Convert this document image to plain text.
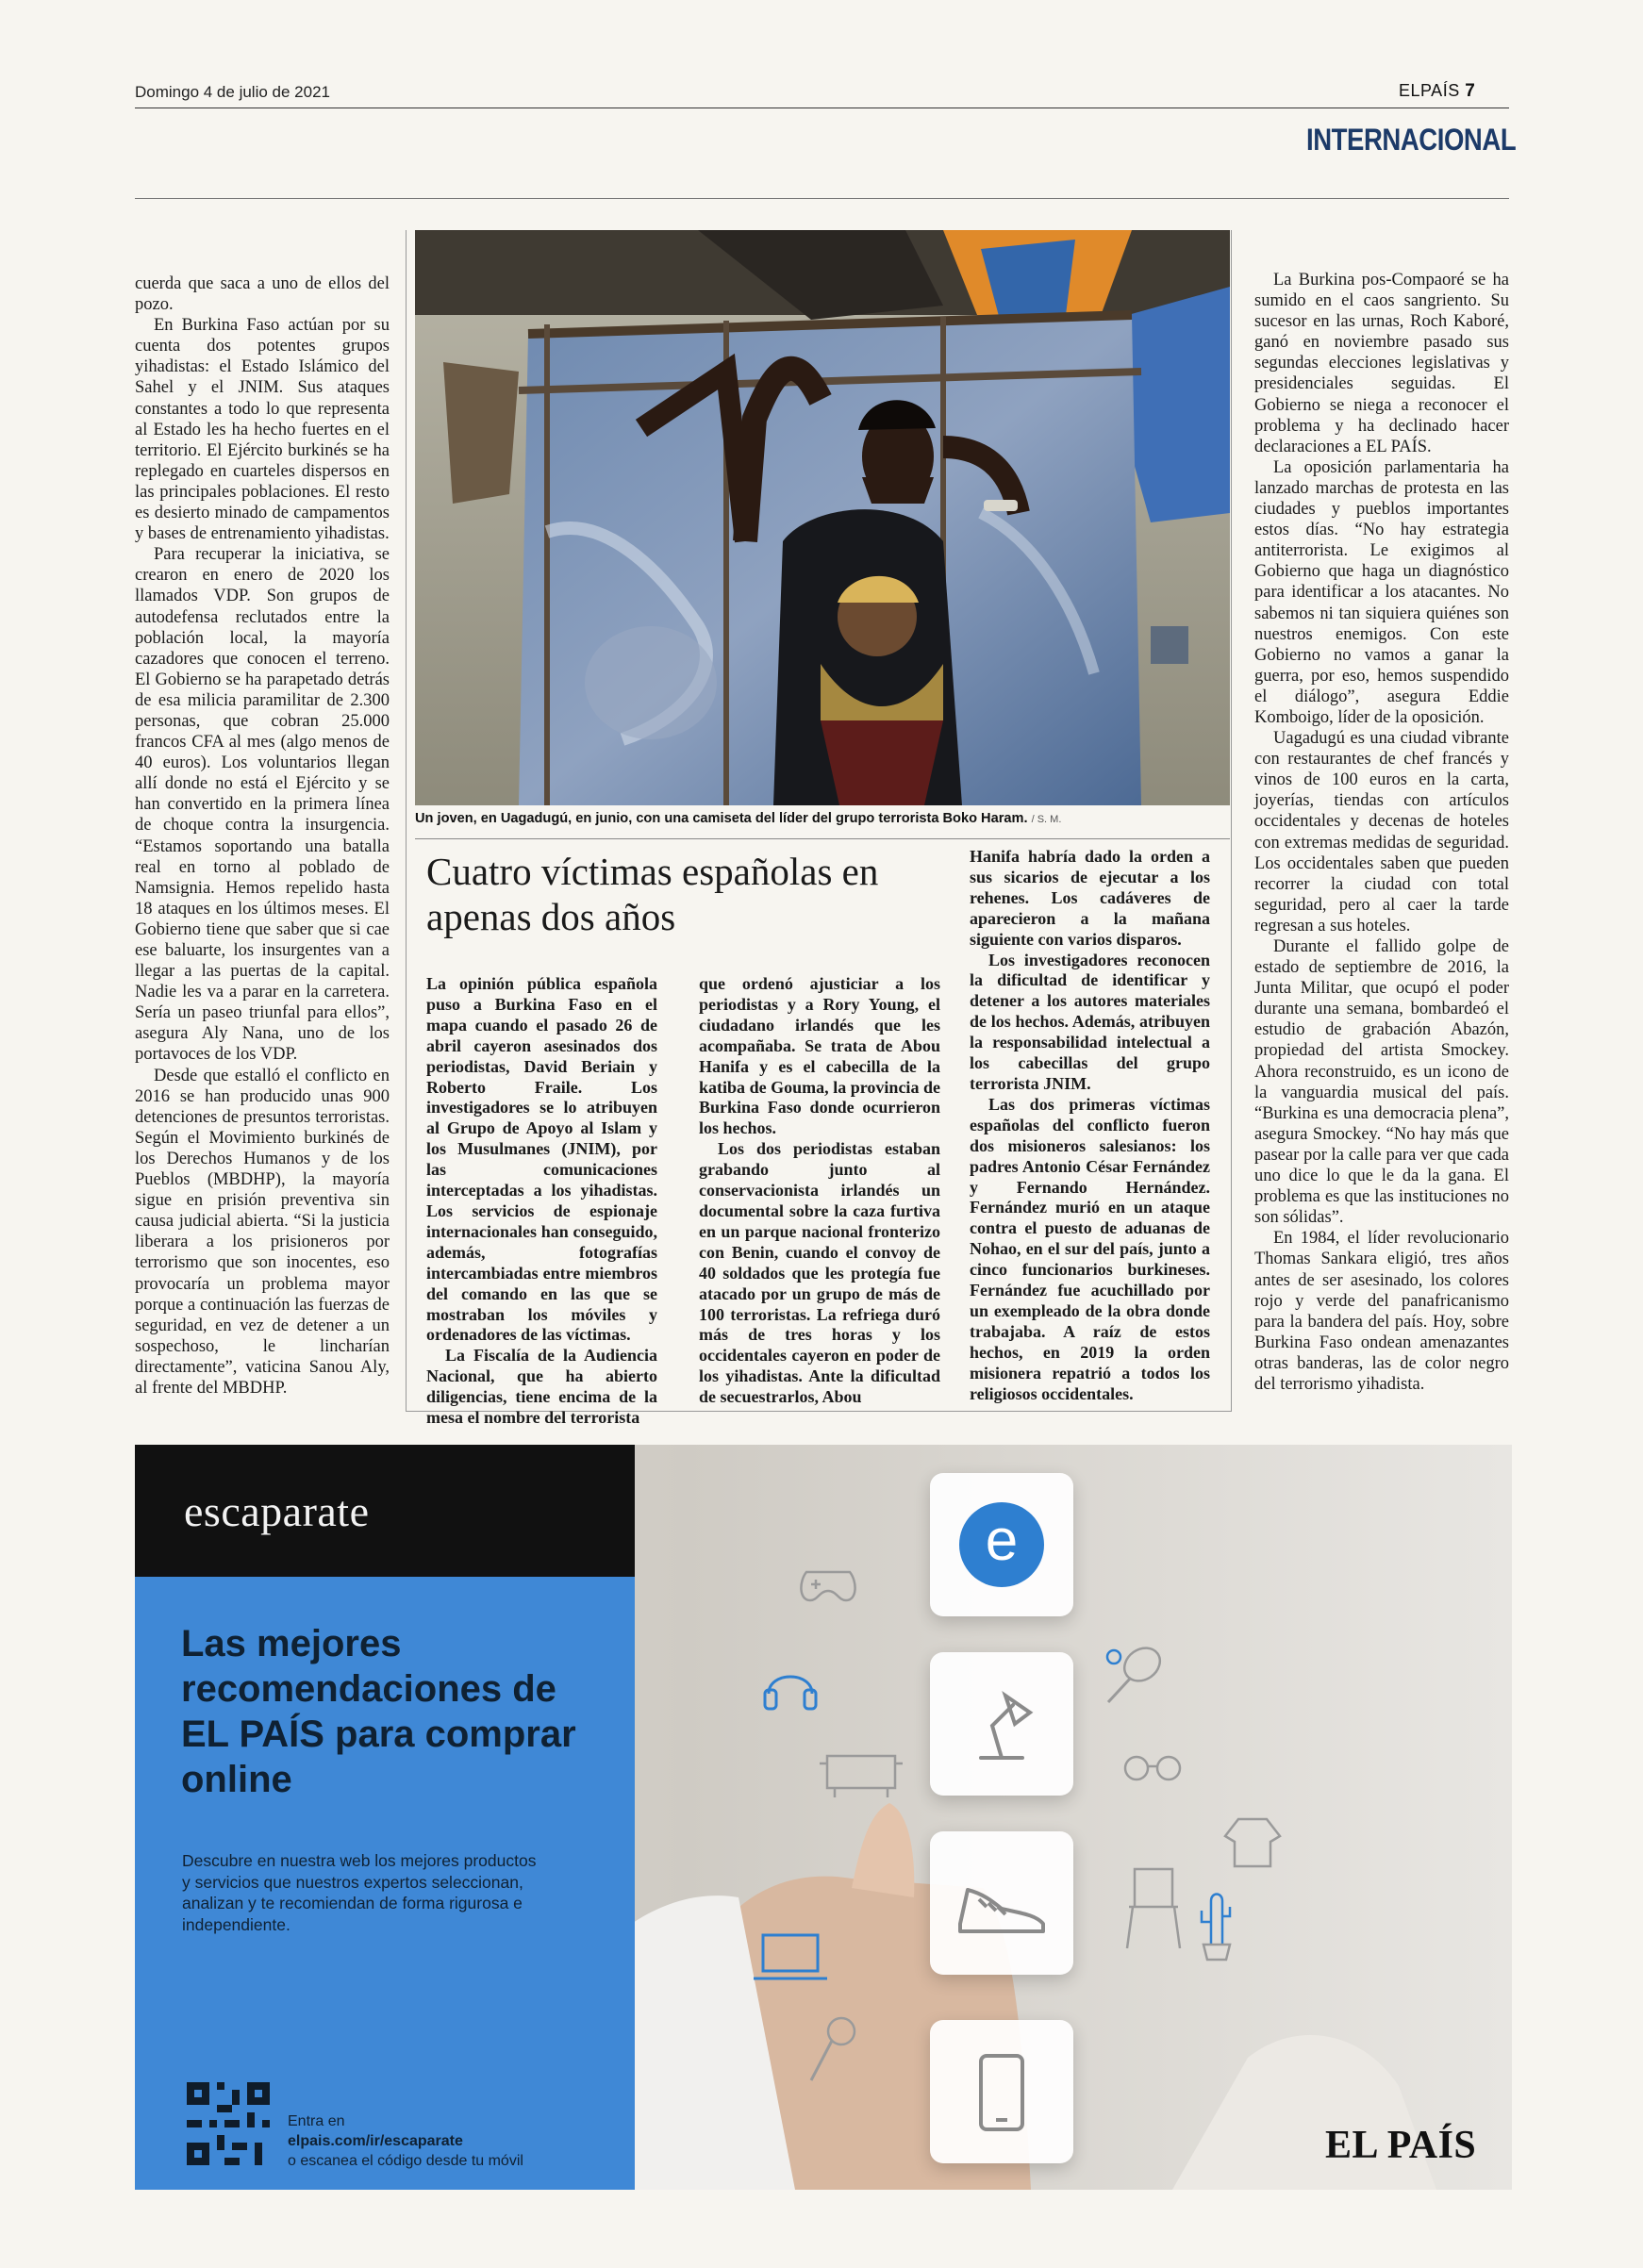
Domingo 4 de julio de 2021	ELPAÍS 7
INTERNACIONAL

cuerda que saca a uno de ellos del pozo.

En Burkina Faso actúan por su cuenta dos potentes grupos yihadistas: el Estado Islámico del Sahel y el JNIM. Sus ataques constantes a todo lo que representa al Estado les ha hecho fuertes en el territorio. El Ejército burkinés se ha replegado en cuarteles dispersos en las principales poblaciones. El resto es desierto minado de campamentos y bases de entrenamiento yihadistas.

Para recuperar la iniciativa, se crearon en enero de 2020 los llamados VDP. Son grupos de autodefensa reclutados entre la población local, la mayoría cazadores que conocen el terreno. El Gobierno se ha parapetado detrás de esa milicia paramilitar de 2.300 personas, que cobran 25.000 francos CFA al mes (algo menos de 40 euros). Los voluntarios llegan allí donde no está el Ejército y se han convertido en la primera línea de choque contra la insurgencia. “Estamos soportando una batalla real en torno al poblado de Namsignia. Hemos repelido hasta 18 ataques en los últimos meses. El Gobierno tiene que saber que si cae ese baluarte, los insurgentes van a llegar a las puertas de la capital. Nadie les va a parar en la carretera. Sería un paseo triunfal para ellos”, asegura Aly Nana, uno de los portavoces de los VDP.

Desde que estalló el conflicto en 2016 se han producido unas 900 detenciones de presuntos terroristas. Según el Movimiento burkinés de los Derechos Humanos y de los Pueblos (MBDHP), la mayoría sigue en prisión preventiva sin causa judicial abierta. “Si la justicia liberara a los prisioneros por terrorismo que son inocentes, eso provocaría un problema mayor porque a continuación las fuerzas de seguridad, en vez de detener a un sospechoso, le lincharían directamente”, vaticina Sanou Aly, al frente del MBDHP.

Un joven, en Uagadugú, en junio, con una camiseta del líder del grupo terrorista Boko Haram. / S. M.
Cuatro víctimas españolas en apenas dos años

La opinión pública española puso a Burkina Faso en el mapa cuando el pasado 26 de abril cayeron asesinados dos periodistas, David Beriain y Roberto Fraile. Los investigadores se lo atribuyen al Grupo de Apoyo al Islam y los Musulmanes (JNIM), por las comunicaciones interceptadas a los yihadistas. Los servicios de espionaje internacionales han conseguido, además, fotografías intercambiadas entre miembros del comando en las que se mostraban los móviles y ordenadores de las víctimas.

La Fiscalía de la Audiencia Nacional, que ha abierto diligencias, tiene encima de la mesa el nombre del terrorista

que ordenó ajusticiar a los periodistas y a Rory Young, el ciudadano irlandés que les acompañaba. Se trata de Abou Hanifa y es el cabecilla de la katiba de Gouma, la provincia de Burkina Faso donde ocurrieron los hechos.

Los dos periodistas estaban grabando junto al conservacionista irlandés un documental sobre la caza furtiva en un parque nacional fronterizo con Benin, cuando el convoy de 40 soldados que les protegía fue atacado por un grupo de más de 100 terroristas. La refriega duró más de tres horas y los occidentales cayeron en poder de los yihadistas. Ante la dificultad de secuestrarlos, Abou

Hanifa habría dado la orden a sus sicarios de ejecutar a los rehenes. Los cadáveres de aparecieron a la mañana siguiente con varios disparos.

Los investigadores reconocen la dificultad de identificar y detener a los autores materiales de los hechos. Además, atribuyen la responsabilidad intelectual a los cabecillas del grupo terrorista JNIM.

Las dos primeras víctimas españolas del conflicto fueron dos misioneros salesianos: los padres Antonio César Fernández y Fernando Hernández. Fernández murió en un ataque contra el puesto de aduanas de Nohao, en el sur del país, junto a cinco funcionarios burkineses. Fernández fue acuchillado por un exempleado de la obra donde trabajaba. A raíz de estos hechos, en 2019 la orden misionera repatrió a todos los religiosos occidentales.

La Burkina pos-Compaoré se ha sumido en el caos sangriento. Su sucesor en las urnas, Roch Kaboré, ganó en noviembre pasado sus segundas elecciones legislativas y presidenciales seguidas. El Gobierno se niega a reconocer el problema y ha declinado hacer declaraciones a EL PAÍS.

La oposición parlamentaria ha lanzado marchas de protesta en las ciudades y pueblos importantes estos días. “No hay estrategia antiterrorista. Le exigimos al Gobierno que haga un diagnóstico para identificar a los atacantes. No sabemos ni tan siquiera quiénes son nuestros enemigos. Con este Gobierno no vamos a ganar la guerra, por eso, hemos suspendido el diálogo”, asegura Eddie Komboigo, líder de la oposición.

Uagadugú es una ciudad vibrante con restaurantes de chef francés y vinos de 100 euros en la carta, joyerías, tiendas con artículos occidentales y decenas de hoteles con extremas medidas de seguridad. Los occidentales saben que pueden recorrer la ciudad con total seguridad, pero al caer la tarde regresan a sus hoteles.

Durante el fallido golpe de estado de septiembre de 2016, la Junta Militar, que ocupó el poder durante una semana, bombardeó el estudio de grabación Abazón, propiedad del artista Smockey. Ahora reconstruido, es un icono de la vanguardia musical del país. “Burkina es una democracia plena”, asegura Smockey. “No hay más que pasear por la calle para ver que cada uno dice lo que le da la gana. El problema es que las instituciones no son sólidas”.

En 1984, el líder revolucionario Thomas Sankara eligió, tres años antes de ser asesinado, los colores rojo y verde del panafricanismo para la bandera del país. Hoy, sobre Burkina Faso ondean amenazantes otras banderas, las de color negro del terrorismo yihadista.

escaparate
Las mejores recomendaciones de EL PAÍS para comprar online
Descubre en nuestra web los mejores productos y servicios que nuestros expertos seleccionan, analizan y te recomiendan de forma rigurosa e independiente.
Entra en
elpais.com/ir/escaparate
o escanea el código desde tu móvil
e
EL PAÍS
